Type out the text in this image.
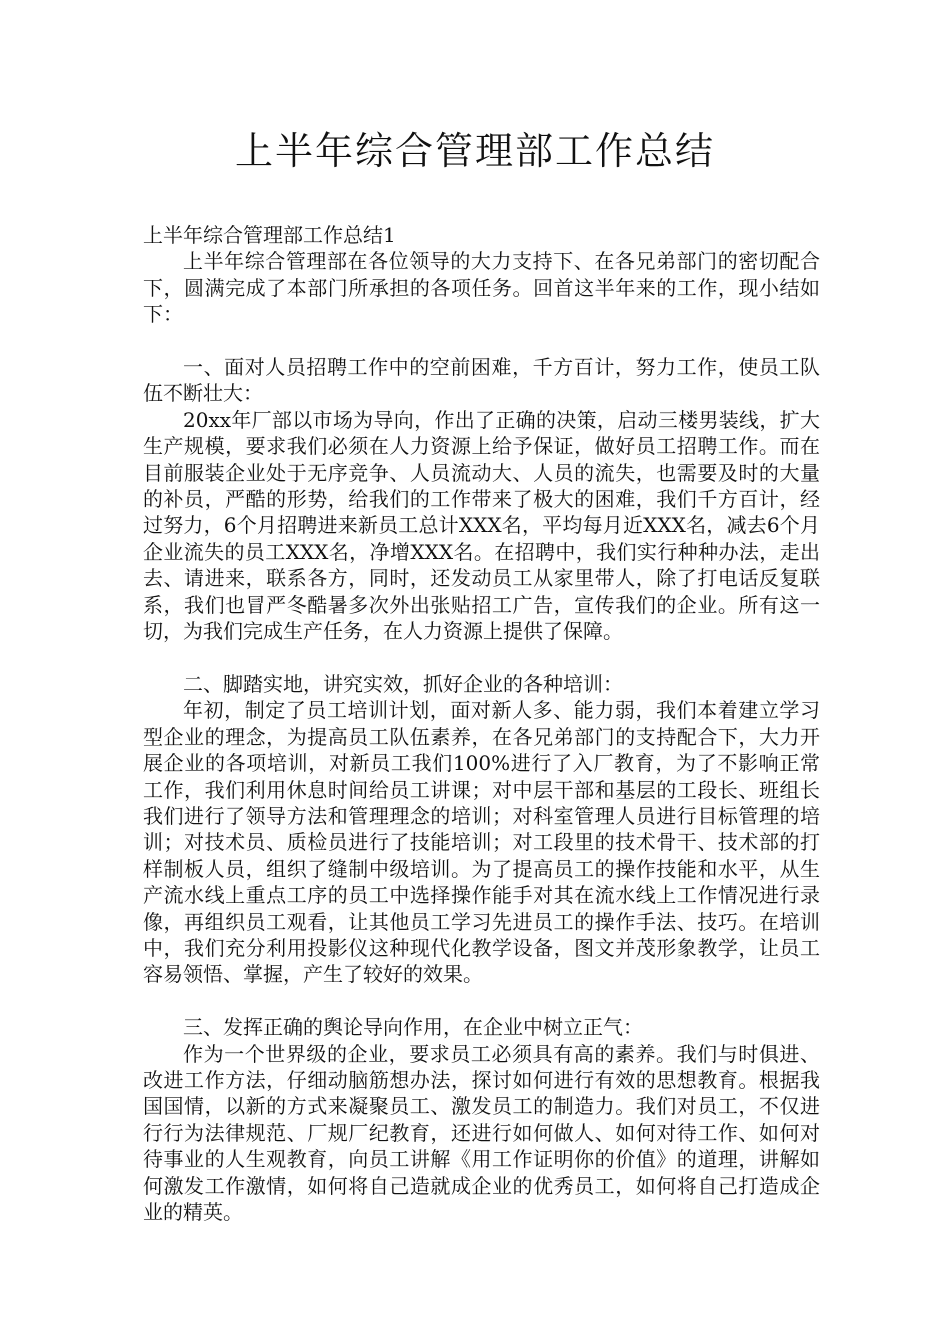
上半年综合管理部工作总结

上半年综合管理部工作总结1

上半年综合管理部在各位领导的大力支持下、在各兄弟部门的密切配合下，圆满完成了本部门所承担的各项任务。回首这半年来的工作，现小结如下：

一、面对人员招聘工作中的空前困难，千方百计，努力工作，使员工队伍不断壮大：

20xx年厂部以市场为导向，作出了正确的决策，启动三楼男装线，扩大生产规模，要求我们必须在人力资源上给予保证，做好员工招聘工作。而在目前服装企业处于无序竞争、人员流动大、人员的流失，也需要及时的大量的补员，严酷的形势，给我们的工作带来了极大的困难，我们千方百计，经过努力，6个月招聘进来新员工总计XXX名，平均每月近XXX名，减去6个月企业流失的员工XXX名，净增XXX名。在招聘中，我们实行种种办法，走出去、请进来，联系各方，同时，还发动员工从家里带人，除了打电话反复联系，我们也冒严冬酷暑多次外出张贴招工广告，宣传我们的企业。所有这一切，为我们完成生产任务，在人力资源上提供了保障。

二、脚踏实地，讲究实效，抓好企业的各种培训：

年初，制定了员工培训计划，面对新人多、能力弱，我们本着建立学习型企业的理念，为提高员工队伍素养，在各兄弟部门的支持配合下，大力开展企业的各项培训，对新员工我们100%进行了入厂教育，为了不影响正常工作，我们利用休息时间给员工讲课；对中层干部和基层的工段长、班组长我们进行了领导方法和管理理念的培训；对科室管理人员进行目标管理的培训；对技术员、质检员进行了技能培训；对工段里的技术骨干、技术部的打样制板人员，组织了缝制中级培训。为了提高员工的操作技能和水平，从生产流水线上重点工序的员工中选择操作能手对其在流水线上工作情况进行录像，再组织员工观看，让其他员工学习先进员工的操作手法、技巧。在培训中，我们充分利用投影仪这种现代化教学设备，图文并茂形象教学，让员工容易领悟、掌握，产生了较好的效果。

三、发挥正确的舆论导向作用，在企业中树立正气：

作为一个世界级的企业，要求员工必须具有高的素养。我们与时俱进、改进工作方法，仔细动脑筋想办法，探讨如何进行有效的思想教育。根据我国国情，以新的方式来凝聚员工、激发员工的制造力。我们对员工，不仅进行行为法律规范、厂规厂纪教育，还进行如何做人、如何对待工作、如何对待事业的人生观教育，向员工讲解《用工作证明你的价值》的道理，讲解如何激发工作激情，如何将自己造就成企业的优秀员工，如何将自己打造成企业的精英。
